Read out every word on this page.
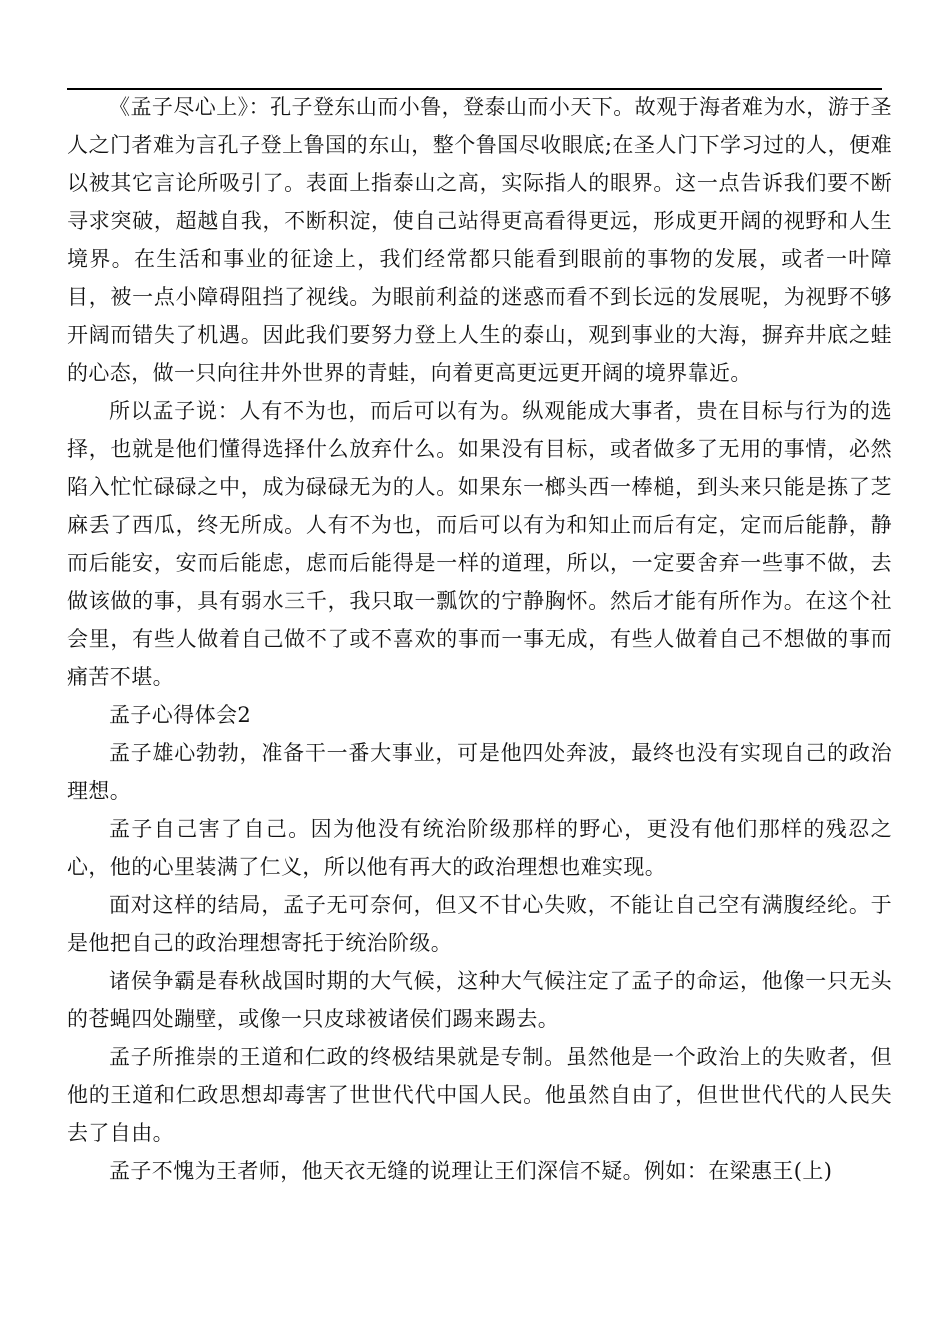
《孟子尽心上》：孔子登东山而小鲁，登泰山而小天下。故观于海者难为水，游于圣人之门者难为言孔子登上鲁国的东山，整个鲁国尽收眼底;在圣人门下学习过的人，便难以被其它言论所吸引了。表面上指泰山之高，实际指人的眼界。这一点告诉我们要不断寻求突破，超越自我，不断积淀，使自己站得更高看得更远，形成更开阔的视野和人生境界。在生活和事业的征途上，我们经常都只能看到眼前的事物的发展，或者一叶障目，被一点小障碍阻挡了视线。为眼前利益的迷惑而看不到长远的发展呢，为视野不够开阔而错失了机遇。因此我们要努力登上人生的泰山，观到事业的大海，摒弃井底之蛙的心态，做一只向往井外世界的青蛙，向着更高更远更开阔的境界靠近。

所以孟子说：人有不为也，而后可以有为。纵观能成大事者，贵在目标与行为的选择，也就是他们懂得选择什么放弃什么。如果没有目标，或者做多了无用的事情，必然陷入忙忙碌碌之中，成为碌碌无为的人。如果东一榔头西一棒槌，到头来只能是拣了芝麻丢了西瓜，终无所成。人有不为也，而后可以有为和知止而后有定，定而后能静，静而后能安，安而后能虑，虑而后能得是一样的道理，所以，一定要舍弃一些事不做，去做该做的事，具有弱水三千，我只取一瓢饮的宁静胸怀。然后才能有所作为。在这个社会里，有些人做着自己做不了或不喜欢的事而一事无成，有些人做着自己不想做的事而痛苦不堪。

孟子心得体会2

孟子雄心勃勃，准备干一番大事业，可是他四处奔波，最终也没有实现自己的政治理想。

孟子自己害了自己。因为他没有统治阶级那样的野心，更没有他们那样的残忍之心，他的心里装满了仁义，所以他有再大的政治理想也难实现。

面对这样的结局，孟子无可奈何，但又不甘心失败，不能让自己空有满腹经纶。于是他把自己的政治理想寄托于统治阶级。

诸侯争霸是春秋战国时期的大气候，这种大气候注定了孟子的命运，他像一只无头的苍蝇四处蹦壁，或像一只皮球被诸侯们踢来踢去。

孟子所推崇的王道和仁政的终极结果就是专制。虽然他是一个政治上的失败者，但他的王道和仁政思想却毒害了世世代代中国人民。他虽然自由了，但世世代代的人民失去了自由。

孟子不愧为王者师，他天衣无缝的说理让王们深信不疑。例如：在梁惠王(上)
